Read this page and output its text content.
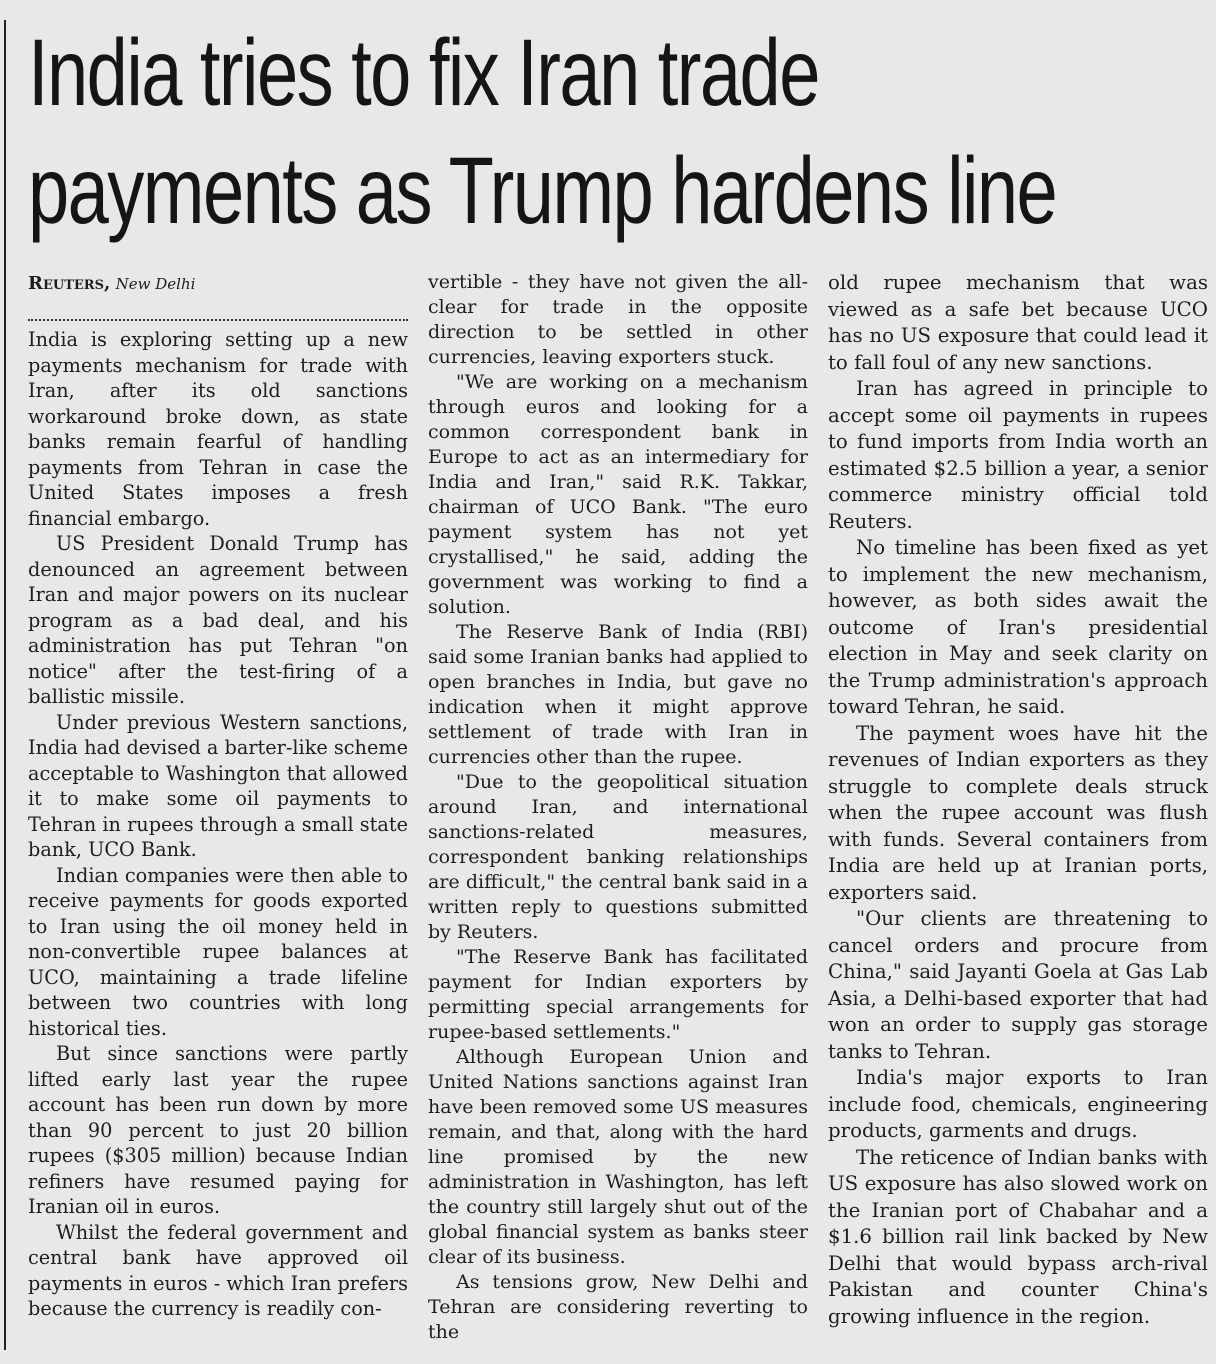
India tries to fix Iran trade
payments as Trump hardens line
Reuters, New Delhi

India is exploring setting up a new payments mechanism for trade with Iran, after its old sanctions workaround broke down, as state banks remain fearful of handling payments from Tehran in case the United States imposes a fresh financial embargo.

US President Donald Trump has denounced an agreement between Iran and major powers on its nuclear program as a bad deal, and his administration has put Tehran "on notice" after the test-firing of a ballistic missile.

Under previous Western sanctions, India had devised a barter-like scheme acceptable to Washington that allowed it to make some oil payments to Tehran in rupees through a small state bank, UCO Bank.

Indian companies were then able to receive payments for goods exported to Iran using the oil money held in non-convertible rupee balances at UCO, maintaining a trade lifeline between two countries with long historical ties.

But since sanctions were partly lifted early last year the rupee account has been run down by more than 90 percent to just 20 billion rupees ($305 million) because Indian refiners have resumed paying for Iranian oil in euros.

Whilst the federal government and central bank have approved oil payments in euros - which Iran prefers because the currency is readily con-

vertible - they have not given the all-clear for trade in the opposite direction to be settled in other currencies, leaving exporters stuck.

"We are working on a mechanism through euros and looking for a common correspondent bank in Europe to act as an intermediary for India and Iran," said R.K. Takkar, chairman of UCO Bank. "The euro payment system has not yet crystallised," he said, adding the government was working to find a solution.

The Reserve Bank of India (RBI) said some Iranian banks had applied to open branches in India, but gave no indication when it might approve settlement of trade with Iran in currencies other than the rupee.

"Due to the geopolitical situation around Iran, and international sanctions-related measures, correspondent banking relationships are difficult," the central bank said in a written reply to questions submitted by Reuters.

"The Reserve Bank has facilitated payment for Indian exporters by permitting special arrangements for rupee-based settlements."

Although European Union and United Nations sanctions against Iran have been removed some US measures remain, and that, along with the hard line promised by the new administration in Washington, has left the country still largely shut out of the global financial system as banks steer clear of its business.

As tensions grow, New Delhi and Tehran are considering reverting to the

old rupee mechanism that was viewed as a safe bet because UCO has no US exposure that could lead it to fall foul of any new sanctions.

Iran has agreed in principle to accept some oil payments in rupees to fund imports from India worth an estimated $2.5 billion a year, a senior commerce ministry official told Reuters.

No timeline has been fixed as yet to implement the new mechanism, however, as both sides await the outcome of Iran's presidential election in May and seek clarity on the Trump administration's approach toward Tehran, he said.

The payment woes have hit the revenues of Indian exporters as they struggle to complete deals struck when the rupee account was flush with funds. Several containers from India are held up at Iranian ports, exporters said.

"Our clients are threatening to cancel orders and procure from China," said Jayanti Goela at Gas Lab Asia, a Delhi-based exporter that had won an order to supply gas storage tanks to Tehran.

India's major exports to Iran include food, chemicals, engineering products, garments and drugs.

The reticence of Indian banks with US exposure has also slowed work on the Iranian port of Chabahar and a $1.6 billion rail link backed by New Delhi that would bypass arch-rival Pakistan and counter China's growing influence in the region.
